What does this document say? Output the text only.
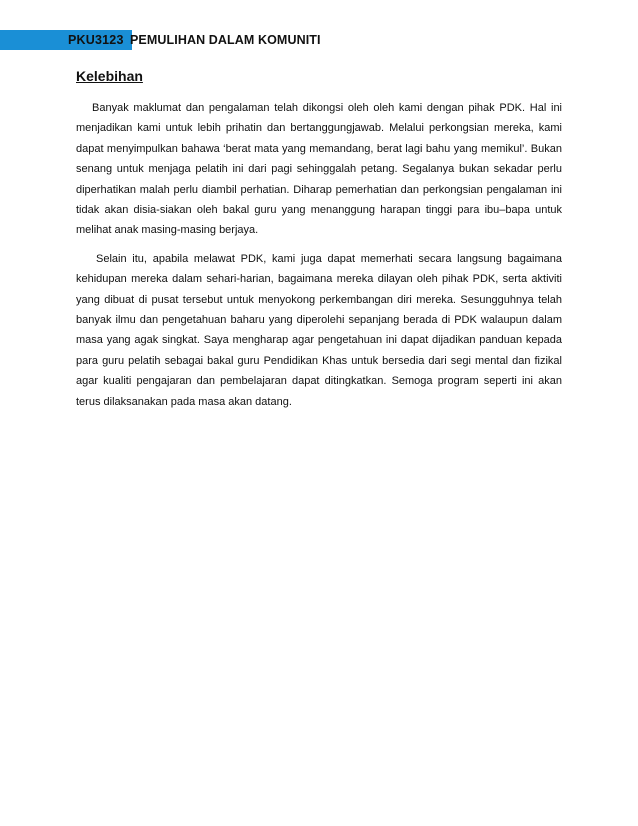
PKU3123 PEMULIHAN DALAM KOMUNITI
Kelebihan

Banyak maklumat dan pengalaman telah dikongsi oleh oleh kami dengan pihak PDK. Hal ini menjadikan kami untuk lebih prihatin dan bertanggungjawab. Melalui perkongsian mereka, kami dapat menyimpulkan bahawa ‘berat mata yang memandang, berat lagi bahu yang memikul’. Bukan senang untuk menjaga pelatih ini dari pagi sehinggalah petang. Segalanya bukan sekadar perlu diperhatikan malah perlu diambil perhatian. Diharap pemerhatian dan perkongsian pengalaman ini tidak akan disia-siakan oleh bakal guru yang menanggung harapan tinggi para ibu–bapa untuk melihat anak masing-masing berjaya.

Selain itu, apabila melawat PDK, kami juga dapat memerhati secara langsung bagaimana kehidupan mereka dalam sehari-harian, bagaimana mereka dilayan oleh pihak PDK, serta aktiviti yang dibuat di pusat tersebut untuk menyokong perkembangan diri mereka. Sesungguhnya telah banyak ilmu dan pengetahuan baharu yang diperolehi sepanjang berada di PDK walaupun dalam masa yang agak singkat. Saya mengharap agar pengetahuan ini dapat dijadikan panduan kepada para guru pelatih sebagai bakal guru Pendidikan Khas untuk bersedia dari segi mental dan fizikal agar kualiti pengajaran dan pembelajaran dapat ditingkatkan. Semoga program seperti ini akan terus dilaksanakan pada masa akan datang.
